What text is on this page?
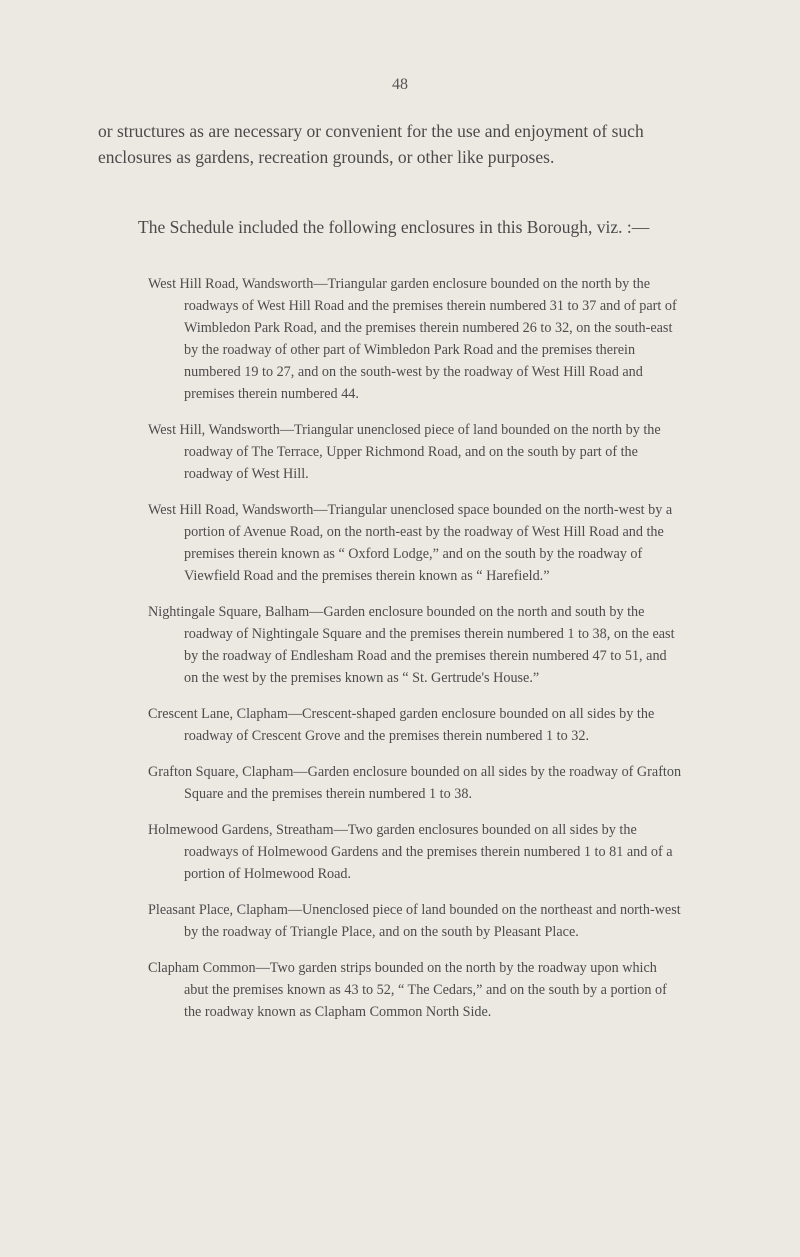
48

or structures as are necessary or convenient for the use and enjoyment of such enclosures as gardens, recreation grounds, or other like purposes.

The Schedule included the following enclosures in this Borough, viz. :—

West Hill Road, Wandsworth—Triangular garden enclosure bounded on the north by the roadways of West Hill Road and the premises therein numbered 31 to 37 and of part of Wimbledon Park Road, and the premises therein numbered 26 to 32, on the south-east by the roadway of other part of Wimbledon Park Road and the premises therein numbered 19 to 27, and on the south-west by the roadway of West Hill Road and premises therein numbered 44.

West Hill, Wandsworth—Triangular unenclosed piece of land bounded on the north by the roadway of The Terrace, Upper Richmond Road, and on the south by part of the roadway of West Hill.

West Hill Road, Wandsworth—Triangular unenclosed space bounded on the north-west by a portion of Avenue Road, on the north-east by the roadway of West Hill Road and the premises therein known as “ Oxford Lodge,” and on the south by the roadway of Viewfield Road and the premises therein known as “ Harefield.”

Nightingale Square, Balham—Garden enclosure bounded on the north and south by the roadway of Nightingale Square and the premises therein numbered 1 to 38, on the east by the roadway of Endlesham Road and the premises therein numbered 47 to 51, and on the west by the premises known as “ St. Gertrude's House.”

Crescent Lane, Clapham—Crescent-shaped garden enclosure bounded on all sides by the roadway of Crescent Grove and the premises therein numbered 1 to 32.

Grafton Square, Clapham—Garden enclosure bounded on all sides by the roadway of Grafton Square and the premises therein numbered 1 to 38.

Holmewood Gardens, Streatham—Two garden enclosures bounded on all sides by the roadways of Holmewood Gardens and the premises therein numbered 1 to 81 and of a portion of Holmewood Road.

Pleasant Place, Clapham—Unenclosed piece of land bounded on the northeast and north-west by the roadway of Triangle Place, and on the south by Pleasant Place.

Clapham Common—Two garden strips bounded on the north by the roadway upon which abut the premises known as 43 to 52, “ The Cedars,” and on the south by a portion of the roadway known as Clapham Common North Side.
